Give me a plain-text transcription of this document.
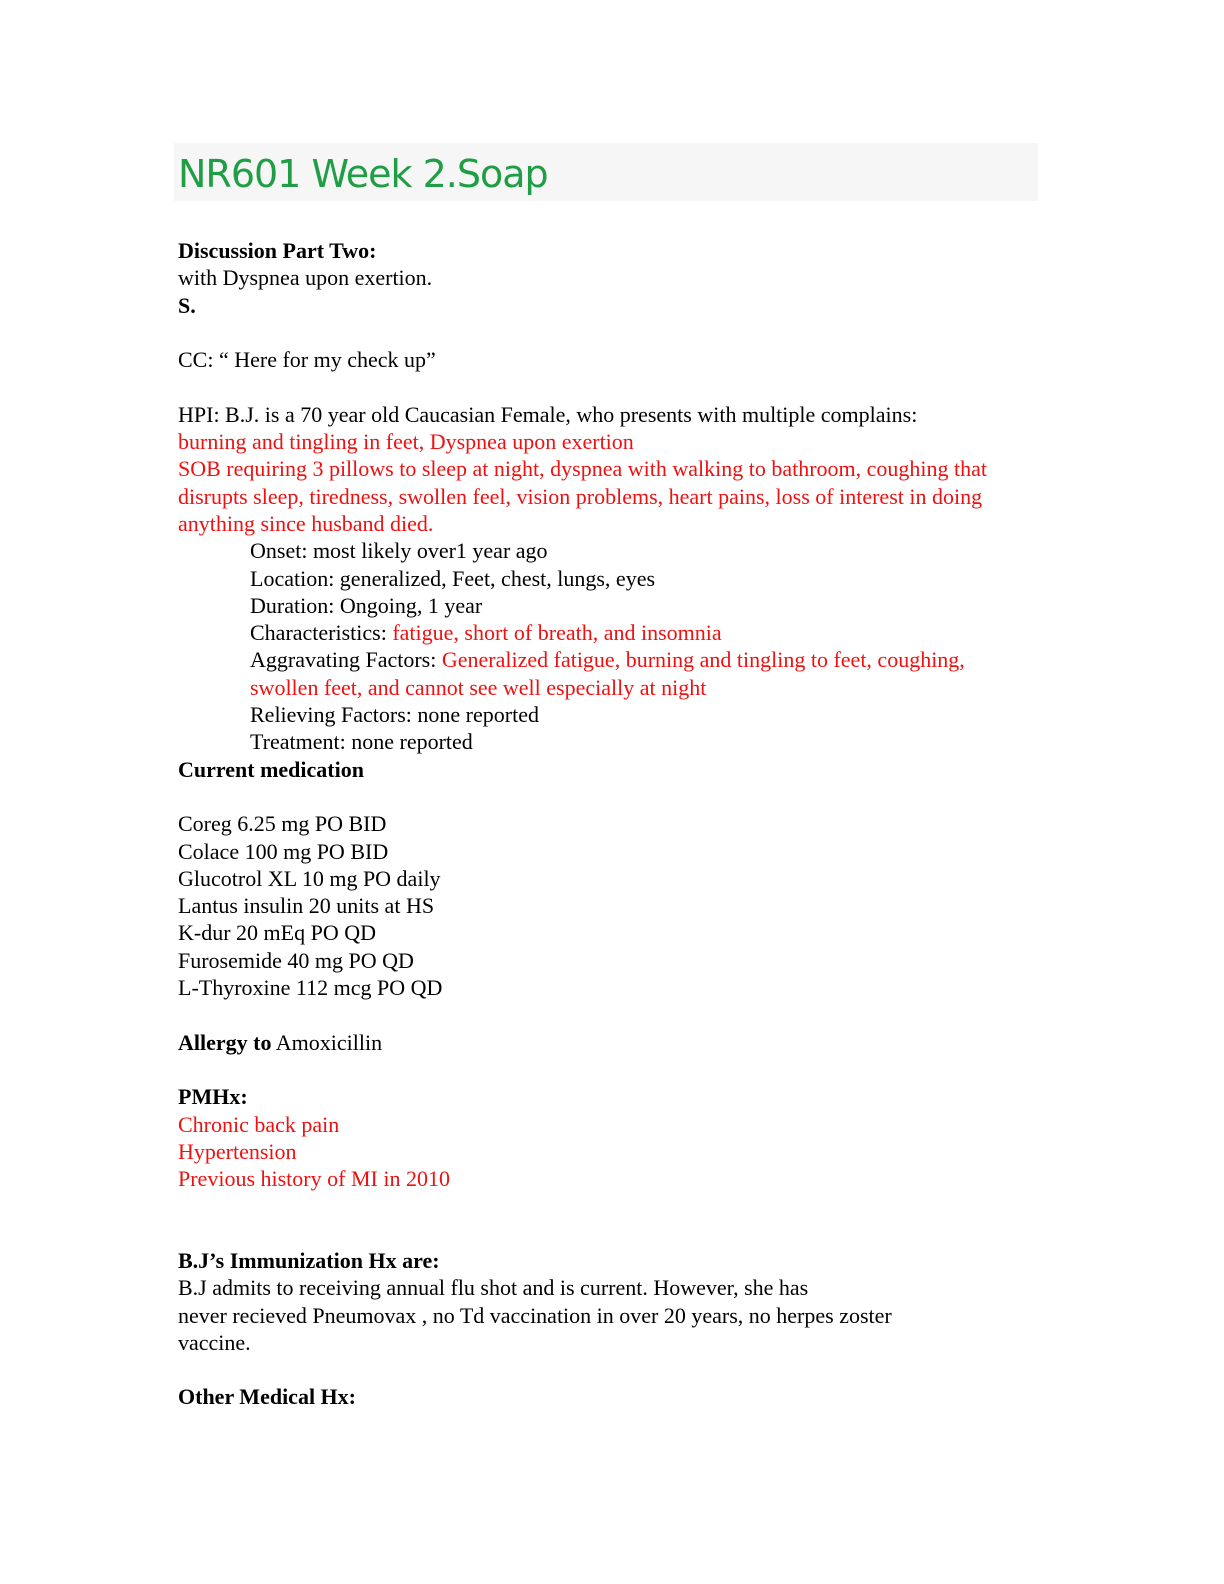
NR601 Week 2.Soap
Discussion Part Two:
with Dyspnea upon exertion.
S.
CC: “ Here for my check up”
HPI: B.J. is a 70 year old Caucasian Female, who presents with multiple complains:
burning and tingling in feet, Dyspnea upon exertion
SOB requiring 3 pillows to sleep at night, dyspnea with walking to bathroom, coughing that disrupts sleep, tiredness, swollen feel, vision problems, heart pains, loss of interest in doing anything since husband died.
Onset: most likely over1 year ago
Location: generalized, Feet, chest, lungs, eyes
Duration: Ongoing, 1 year
Characteristics: fatigue, short of breath, and insomnia
Aggravating Factors: Generalized fatigue, burning and tingling to feet, coughing,
swollen feet, and cannot see well especially at night
Relieving Factors: none reported
Treatment: none reported
Current medication
Coreg 6.25 mg PO BID
Colace 100 mg PO BID
Glucotrol XL 10 mg PO daily
Lantus insulin 20 units at HS
K-dur 20 mEq PO QD
Furosemide 40 mg PO QD
L-Thyroxine 112 mcg PO QD
Allergy to Amoxicillin
PMHx:
Chronic back pain
Hypertension
Previous history of MI in 2010
B.J’s Immunization Hx are:
B.J admits to receiving annual flu shot and is current. However, she has
never recieved Pneumovax , no Td vaccination in over 20 years, no herpes zoster
vaccine.
Other Medical Hx:
